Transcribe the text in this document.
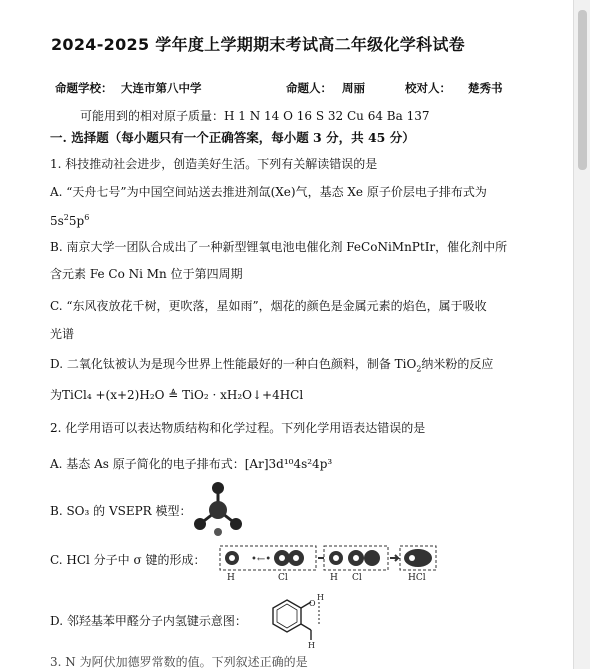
2024-2025 学年度上学期期末考试高二年级化学科试卷
命题学校： 大连市第八中学	命题人： 周丽	校对人： 楚秀书
可能用到的相对原子质量：H 1 N 14 O 16 S 32 Cu 64 Ba 137
一. 选择题（每小题只有一个正确答案，每小题 3 分，共 45 分）
1. 科技推动社会进步，创造美好生活。下列有关解读错误的是
A. “天舟七号”为中国空间站送去推进剂氙(Xe)气，基态 Xe 原子价层电子排布式为
$5s^25p^6$
B. 南京大学一团队合成出了一种新型锂氧电池电催化剂 FeCoNiMnPtIr，催化剂中所
含元素 Fe Co Ni Mn 位于第四周期
C. “东风夜放花千树，更吹落，星如雨”，烟花的颜色是金属元素的焰色，属于吸收
光谱
D. 二氧化钛被认为是现今世界上性能最好的一种白色颜料，制备 TiO$_2$纳米粉的反应
为TiCl₄ +(x+2)H₂O ≜ TiO₂ · xH₂O↓+4HCl
2. 化学用语可以表达物质结构和化学过程。下列化学用语表达错误的是
A. 基态 As 原子简化的电子排布式：[Ar]3d¹⁰4s²4p³
B. SO₃ 的 VSEPR 模型：
C. HCl 分子中 σ 键的形成：	•←•
H	Cl	H Cl	HCl
D. 邻羟基苯甲醛分子内氢键示意图：
O
H
H
3. N 为阿伏加德罗常数的值。下列叙述正确的是
